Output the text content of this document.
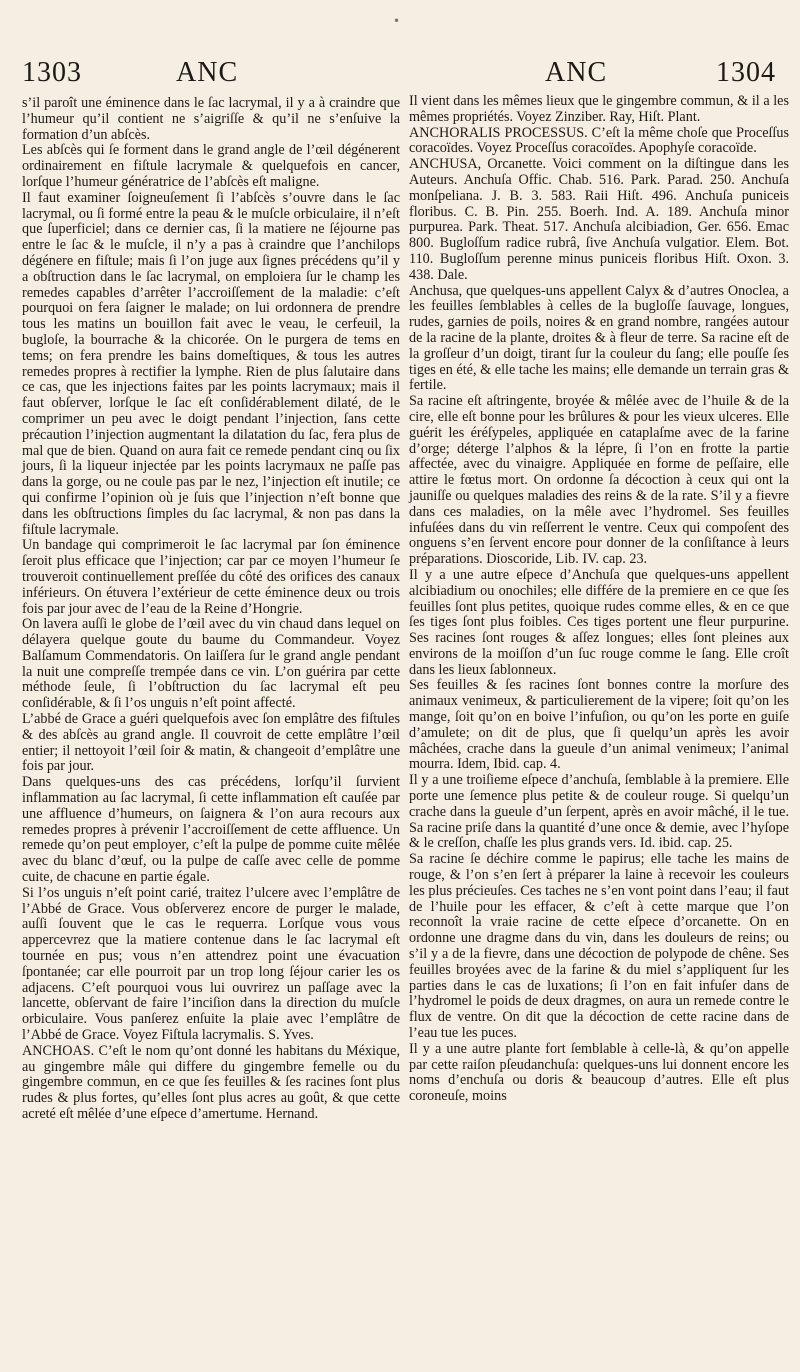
•
1303	ANC	ANC	1304

s’il paroît une éminence dans le ſac lacrymal, il y a à craindre que l’humeur qu’il contient ne s’aigriſſe & qu’il ne s’enſuive la formation d’un abſcès.

Les abſcès qui ſe forment dans le grand angle de l’œil dégénerent ordinairement en fiſtule lacrymale & quelquefois en cancer, lorſque l’humeur génératrice de l’abſcès eſt maligne.

Il faut examiner ſoigneuſement ſi l’abſcès s’ouvre dans le ſac lacrymal, ou ſi formé entre la peau & le muſcle orbiculaire, il n’eſt que ſuperficiel; dans ce dernier cas, ſi la matiere ne ſéjourne pas entre le ſac & le muſcle, il n’y a pas à craindre que l’anchilops dégénere en fiſtule; mais ſi l’on juge aux ſignes précédens qu’il y a obſtruction dans le ſac lacrymal, on emploiera ſur le champ les remedes capables d’arrêter l’accroiſſement de la maladie: c’eſt pourquoi on fera ſaigner le malade; on lui ordonnera de prendre tous les matins un bouillon fait avec le veau, le cerfeuil, la bugloſe, la bourrache & la chicorée. On le purgera de tems en tems; on fera prendre les bains domeſtiques, & tous les autres remedes propres à rectifier la lymphe. Rien de plus ſalutaire dans ce cas, que les injections faites par les points lacrymaux; mais il faut obſerver, lorſque le ſac eſt conſidérablement dilaté, de le comprimer un peu avec le doigt pendant l’injection, ſans cette précaution l’injection augmentant la dilatation du ſac, fera plus de mal que de bien. Quand on aura fait ce remede pendant cinq ou ſix jours, ſi la liqueur injectée par les points lacrymaux ne paſſe pas dans la gorge, ou ne coule pas par le nez, l’injection eſt inutile; ce qui confirme l’opinion où je ſuis que l’injection n’eſt bonne que dans les obſtructions ſimples du ſac lacrymal, & non pas dans la fiſtule lacrymale.

Un bandage qui comprimeroit le ſac lacrymal par ſon éminence ſeroit plus efficace que l’injection; car par ce moyen l’humeur ſe trouveroit continuellement preſſée du côté des orifices des canaux inférieurs. On étuvera l’extérieur de cette éminence deux ou trois fois par jour avec de l’eau de la Reine d’Hongrie.

On lavera auſſi le globe de l’œil avec du vin chaud dans lequel on délayera quelque goute du baume du Commandeur. Voyez Balſamum Commendatoris. On laiſſera ſur le grand angle pendant la nuit une compreſſe trempée dans ce vin. L’on guérira par cette méthode ſeule, ſi l’obſtruction du ſac lacrymal eſt peu conſidérable, & ſi l’os unguis n’eſt point affecté.

L’abbé de Grace a guéri quelquefois avec ſon emplâtre des fiſtules & des abſcès au grand angle. Il couvroit de cette emplâtre l’œil entier; il nettoyoit l’œil ſoir & matin, & changeoit d’emplâtre une fois par jour.

Dans quelques-uns des cas précédens, lorſqu’il ſurvient inflammation au ſac lacrymal, ſi cette inflammation eſt cauſée par une affluence d’humeurs, on ſaignera & l’on aura recours aux remedes propres à prévenir l’accroiſſement de cette affluence. Un remede qu’on peut employer, c’eſt la pulpe de pomme cuite mêlée avec du blanc d’œuf, ou la pulpe de caſſe avec celle de pomme cuite, de chacune en partie égale.

Si l’os unguis n’eſt point carié, traitez l’ulcere avec l’emplâtre de l’Abbé de Grace. Vous obſerverez encore de purger le malade, auſſi ſouvent que le cas le requerra. Lorſque vous vous appercevrez que la matiere contenue dans le ſac lacrymal eſt tournée en pus; vous n’en attendrez point une évacuation ſpontanée; car elle pourroit par un trop long ſéjour carier les os adjacens. C’eſt pourquoi vous lui ouvrirez un paſſage avec la lancette, obſervant de faire l’inciſion dans la direction du muſcle orbiculaire. Vous panſerez enſuite la plaie avec l’emplâtre de l’Abbé de Grace. Voyez Fiſtula lacrymalis. S. Yves.

ANCHOAS. C’eſt le nom qu’ont donné les habitans du Méxique, au gingembre mâle qui differe du gingembre femelle ou du gingembre commun, en ce que ſes feuilles & ſes racines ſont plus rudes & plus fortes, qu’elles ſont plus acres au goût, & que cette acreté eſt mêlée d’une eſpece d’amertume. Hernand.

Il vient dans les mêmes lieux que le gingembre commun, & il a les mêmes propriétés. Voyez Zinziber. Ray, Hiſt. Plant.

ANCHORALIS PROCESSUS. C’eſt la même choſe que Proceſſus coracoïdes. Voyez Proceſſus coracoïdes. Apophyſe coracoïde.

ANCHUSA, Orcanette. Voici comment on la diſtingue dans les Auteurs. Anchuſa Offic. Chab. 516. Park. Parad. 250. Anchuſa monſpeliana. J. B. 3. 583. Raii Hiſt. 496. Anchuſa puniceis floribus. C. B. Pin. 255. Boerh. Ind. A. 189. Anchuſa minor purpurea. Park. Theat. 517. Anchuſa alcibiadion, Ger. 656. Emac 800. Bugloſſum radice rubrâ, ſive Anchuſa vulgatior. Elem. Bot. 110. Bugloſſum perenne minus puniceis floribus Hiſt. Oxon. 3. 438. Dale.

Anchusa, que quelques-uns appellent Calyx & d’autres Onoclea, a les feuilles ſemblables à celles de la bugloſſe ſauvage, longues, rudes, garnies de poils, noires & en grand nombre, rangées autour de la racine de la plante, droites & à fleur de terre. Sa racine eſt de la groſſeur d’un doigt, tirant ſur la couleur du ſang; elle pouſſe ſes tiges en été, & elle tache les mains; elle demande un terrain gras & fertile.

Sa racine eſt aſtringente, broyée & mêlée avec de l’huile & de la cire, elle eſt bonne pour les brûlures & pour les vieux ulceres. Elle guérit les éréſypeles, appliquée en cataplaſme avec de la farine d’orge; déterge l’alphos & la lépre, ſi l’on en frotte la partie affectée, avec du vinaigre. Appliquée en forme de peſſaire, elle attire le fœtus mort. On ordonne ſa décoction à ceux qui ont la jauniſſe ou quelques maladies des reins & de la rate. S’il y a fievre dans ces maladies, on la mêle avec l’hydromel. Ses feuilles infuſées dans du vin reſſerrent le ventre. Ceux qui compoſent des onguens s’en ſervent encore pour donner de la conſiſtance à leurs préparations. Dioscoride, Lib. IV. cap. 23.

Il y a une autre eſpece d’Anchuſa que quelques-uns appellent alcibiadium ou onochiles; elle différe de la premiere en ce que ſes feuilles ſont plus petites, quoique rudes comme elles, & en ce que ſes tiges ſont plus foibles. Ces tiges portent une fleur purpurine. Ses racines ſont rouges & aſſez longues; elles ſont pleines aux environs de la moiſſon d’un ſuc rouge comme le ſang. Elle croît dans les lieux ſablonneux.

Ses feuilles & ſes racines ſont bonnes contre la morſure des animaux venimeux, & particulierement de la vipere; ſoit qu’on les mange, ſoit qu’on en boive l’infuſion, ou qu’on les porte en guiſe d’amulete; on dit de plus, que ſi quelqu’un après les avoir mâchées, crache dans la gueule d’un animal venimeux; l’animal mourra. Idem, Ibid. cap. 4.

Il y a une troiſieme eſpece d’anchuſa, ſemblable à la premiere. Elle porte une ſemence plus petite & de couleur rouge. Si quelqu’un crache dans la gueule d’un ſerpent, après en avoir mâché, il le tue. Sa racine priſe dans la quantité d’une once & demie, avec l’hyſope & le creſſon, chaſſe les plus grands vers. Id. ibid. cap. 25.

Sa racine ſe déchire comme le papirus; elle tache les mains de rouge, & l’on s’en ſert à préparer la laine à recevoir les couleurs les plus précieuſes. Ces taches ne s’en vont point dans l’eau; il faut de l’huile pour les effacer, & c’eſt à cette marque que l’on reconnoît la vraie racine de cette eſpece d’orcanette. On en ordonne une dragme dans du vin, dans les douleurs de reins; ou s’il y a de la fievre, dans une décoction de polypode de chêne. Ses feuilles broyées avec de la farine & du miel s’appliquent ſur les parties dans le cas de luxations; ſi l’on en fait infuſer dans de l’hydromel le poids de deux dragmes, on aura un remede contre le flux de ventre. On dit que la décoction de cette racine dans de l’eau tue les puces.

Il y a une autre plante fort ſemblable à celle-là, & qu’on appelle par cette raiſon pſeudanchuſa: quelques-uns lui donnent encore les noms d’enchuſa ou doris & beaucoup d’autres. Elle eſt plus coroneuſe, moins
